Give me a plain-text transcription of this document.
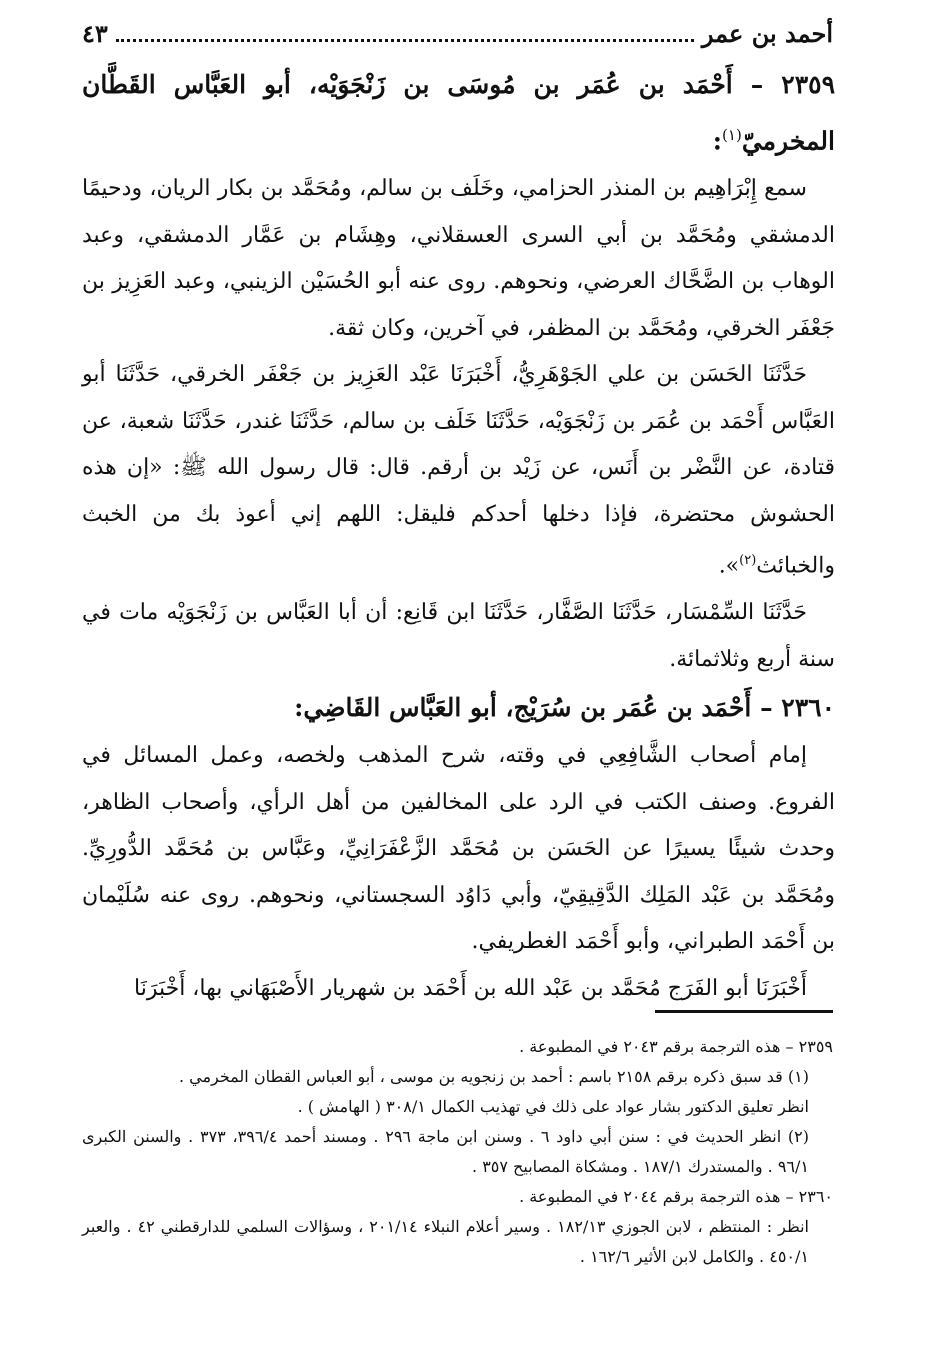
أحمد بن عمر
٤٣
٢٣٥٩ – أَحْمَد بن عُمَر بن مُوسَى بن زَنْجَوَيْه، أبو العَبَّاس القَطَّان المخرميّ$^{(١)}$:

سمع إِبْرَاهِيم بن المنذر الحزامي، وخَلَف بن سالم، ومُحَمَّد بن بكار الريان، ودحيمًا الدمشقي ومُحَمَّد بن أبي السرى العسقلاني، وهِشَام بن عَمَّار الدمشقي، وعبد الوهاب بن الضَّحَّاك العرضي، ونحوهم. روى عنه أبو الحُسَيْن الزينبي، وعبد العَزِيز بن جَعْفَر الخرقي، ومُحَمَّد بن المظفر، في آخرين، وكان ثقة.

حَدَّثَنَا الحَسَن بن علي الجَوْهَرِيُّ، أَخْبَرَنَا عَبْد العَزِيز بن جَعْفَر الخرقي، حَدَّثَنَا أبو العَبَّاس أَحْمَد بن عُمَر بن زَنْجَوَيْه، حَدَّثَنَا خَلَف بن سالم، حَدَّثَنَا غندر، حَدَّثَنَا شعبة، عن قتادة، عن النَّضْر بن أَنَس، عن زَيْد بن أرقم. قال: قال رسول الله ﷺ: «إن هذه الحشوش محتضرة، فإذا دخلها أحدكم فليقل: اللهم إني أعوذ بك من الخبث والخبائث$^{(٢)}$».

حَدَّثَنَا السِّمْسَار، حَدَّثَنَا الصَّفَّار، حَدَّثَنَا ابن قَانِع: أن أبا العَبَّاس بن زَنْجَوَيْه مات في سنة أربع وثلاثمائة.

٢٣٦٠ – أَحْمَد بن عُمَر بن سُرَيْج، أبو العَبَّاس القَاضِي:

إمام أصحاب الشَّافِعِي في وقته، شرح المذهب ولخصه، وعمل المسائل في الفروع. وصنف الكتب في الرد على المخالفين من أهل الرأي، وأصحاب الظاهر، وحدث شيئًا يسيرًا عن الحَسَن بن مُحَمَّد الزَّعْفَرَانِيِّ، وعَبَّاس بن مُحَمَّد الدُّورِيِّ. ومُحَمَّد بن عَبْد المَلِك الدَّقِيقِيّ، وأبي دَاوُد السجستاني، ونحوهم. روى عنه سُلَيْمان بن أَحْمَد الطبراني، وأبو أَحْمَد الغطريفي.

أَخْبَرَنَا أبو الفَرَج مُحَمَّد بن عَبْد الله بن أَحْمَد بن شهريار الأَصْبَهَاني بها، أَخْبَرَنَا

٢٣٥٩ – هذه الترجمة برقم ٢٠٤٣ في المطبوعة .

(١) قد سبق ذكره برقم ٢١٥٨ باسم : أحمد بن زنجويه بن موسى ، أبو العباس القطان المخرمي .

انظر تعليق الدكتور بشار عواد على ذلك في تهذيب الكمال ٣٠٨/١ ( الهامش ) .

(٢) انظر الحديث في : سنن أبي داود ٦ . وسنن ابن ماجة ٢٩٦ . ومسند أحمد ٣٩٦/٤، ٣٧٣ . والسنن الكبرى ٩٦/١ . والمستدرك ١٨٧/١ . ومشكاة المصابيح ٣٥٧ .

٢٣٦٠ – هذه الترجمة برقم ٢٠٤٤ في المطبوعة .

انظر : المنتظم ، لابن الجوزي ١٨٢/١٣ . وسير أعلام النبلاء ٢٠١/١٤ ، وسؤالات السلمي للدارقطني ٤٢ . والعبر ٤٥٠/١ . والكامل لابن الأثير ١٦٢/٦ .
